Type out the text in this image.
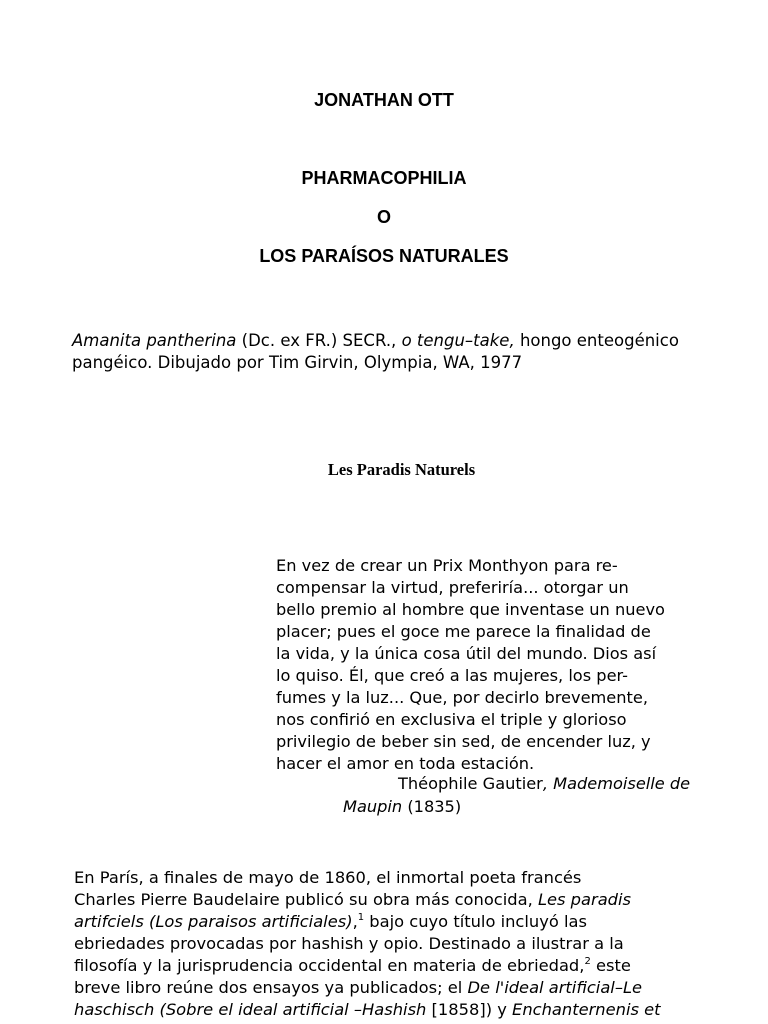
JONATHAN OTT
PHARMACOPHILIA
O
LOS PARAÍSOS NATURALES
Amanita pantherina (Dc. ex FR.) SECR., o tengu–take, hongo enteogénico pangéico. Dibujado por Tim Girvin, Olympia, WA, 1977
Les Paradis Naturels
En vez de crear un Prix Monthyon para re-
compensar la virtud, preferiría... otorgar un
bello premio al hombre que inventase un nuevo
placer; pues el goce me parece la finalidad de
la vida, y la única cosa útil del mundo. Dios así
lo quiso. Él, que creó a las mujeres, los per-
fumes y la luz... Que, por decirlo brevemente,
nos confirió en exclusiva el triple y glorioso
privilegio de beber sin sed, de encender luz, y
hacer el amor en toda estación.
Théophile Gautier, Mademoiselle de
Maupin (1835)
En París, a finales de mayo de 1860, el inmortal poeta francés
Charles Pierre Baudelaire publicó su obra más conocida, Les paradis
artifciels (Los paraisos artificiales),$^1$ bajo cuyo título incluyó las
ebriedades provocadas por hashish y opio. Destinado a ilustrar a la
filosofía y la jurisprudencia occidental en materia de ebriedad,$^2$ este
breve libro reúne dos ensayos ya publicados; el De l'ideal artificial–Le
haschisch (Sobre el ideal artificial –Hashish [1858]) y Enchanternenis et
